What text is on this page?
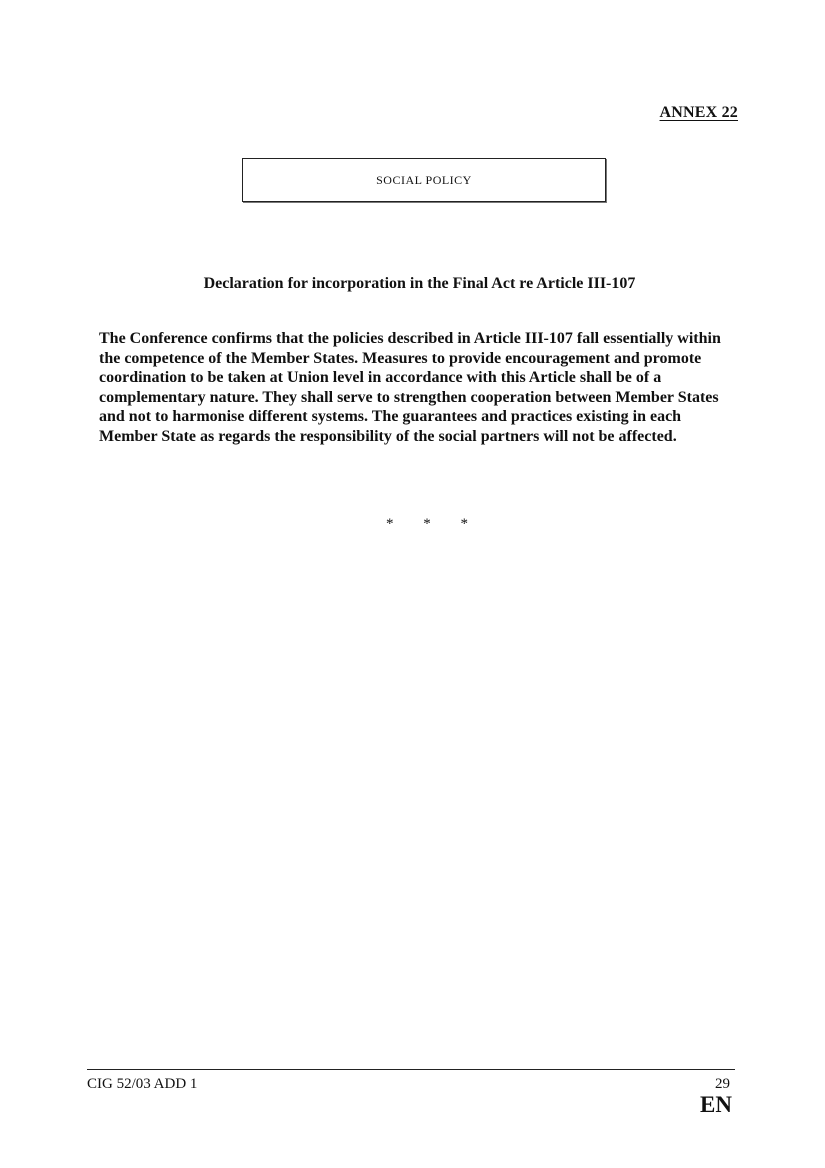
ANNEX 22
SOCIAL POLICY
Declaration for incorporation in the Final Act re Article III-107

The Conference confirms that the policies described in Article III-107 fall essentially within the competence of the Member States. Measures to provide encouragement and promote coordination to be taken at Union level in accordance with this Article shall be of a complementary nature. They shall serve to strengthen cooperation between Member States and not to harmonise different systems. The guarantees and practices existing in each Member State as regards the responsibility of the social partners will not be affected.

* * *
CIG 52/03 ADD 1	29
EN
